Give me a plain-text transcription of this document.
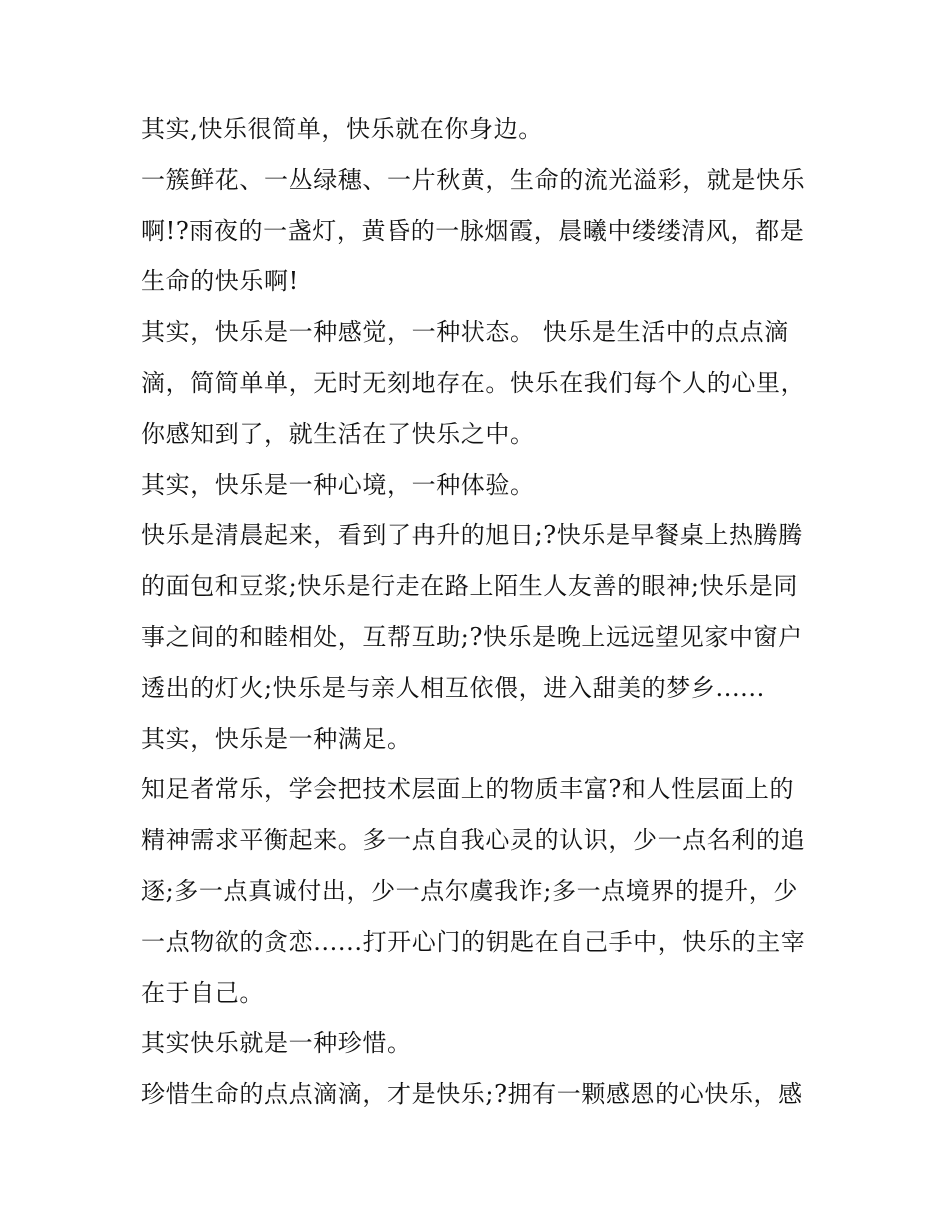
其实,快乐很简单，快乐就在你身边。
一簇鲜花、一丛绿穗、一片秋黄，生命的流光溢彩，就是快乐
啊!?雨夜的一盏灯，黄昏的一脉烟霞，晨曦中缕缕清风，都是
生命的快乐啊!
其实，快乐是一种感觉，一种状态。 快乐是生活中的点点滴
滴，简简单单，无时无刻地存在。快乐在我们每个人的心里，
你感知到了，就生活在了快乐之中。
其实，快乐是一种心境，一种体验。
快乐是清晨起来，看到了冉升的旭日;?快乐是早餐桌上热腾腾
的面包和豆浆;快乐是行走在路上陌生人友善的眼神;快乐是同
事之间的和睦相处，互帮互助;?快乐是晚上远远望见家中窗户
透出的灯火;快乐是与亲人相互依偎，进入甜美的梦乡......
其实，快乐是一种满足。
知足者常乐，学会把技术层面上的物质丰富?和人性层面上的
精神需求平衡起来。多一点自我心灵的认识，少一点名利的追
逐;多一点真诚付出，少一点尔虞我诈;多一点境界的提升，少
一点物欲的贪恋......打开心门的钥匙在自己手中，快乐的主宰
在于自己。
其实快乐就是一种珍惜。
珍惜生命的点点滴滴，才是快乐;?拥有一颗感恩的心快乐，感
